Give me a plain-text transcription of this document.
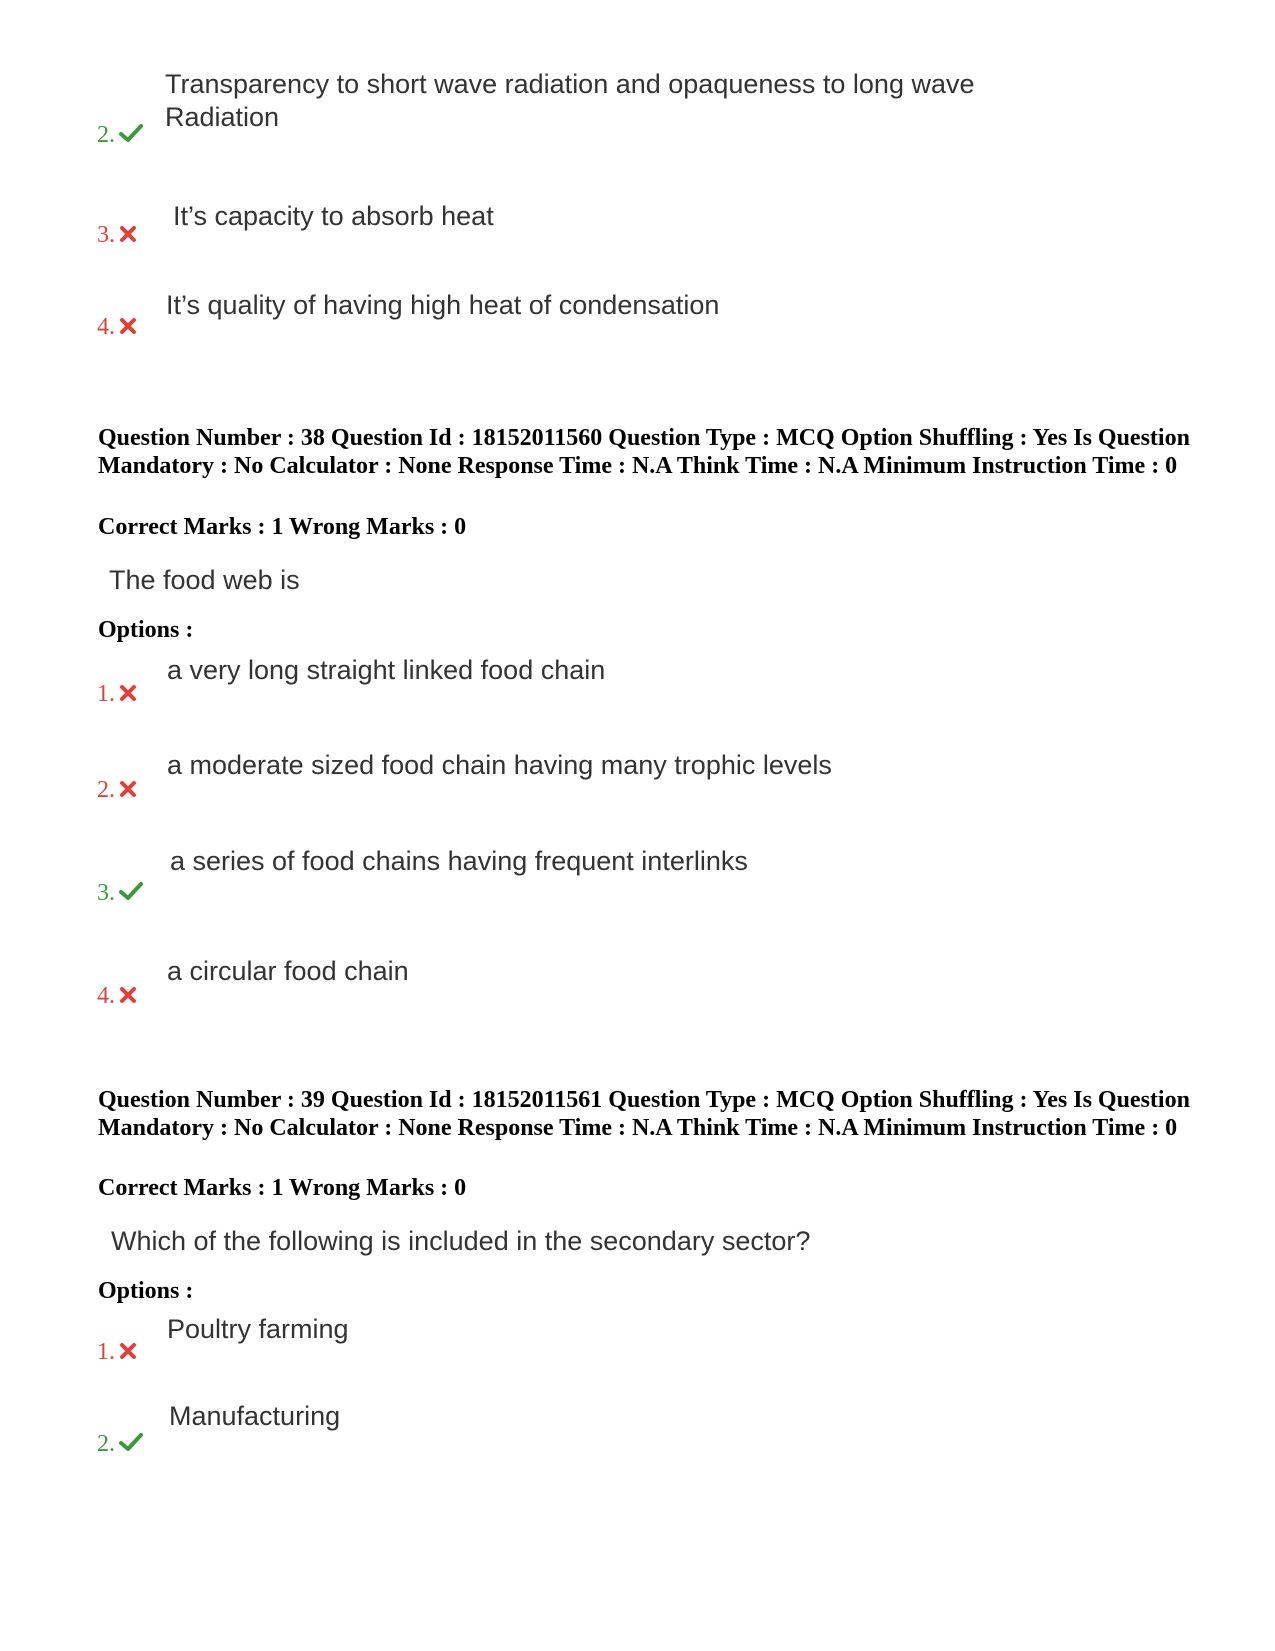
Transparency to short wave radiation and opaqueness to long wave
Radiation
2.
It’s capacity to absorb heat
3.
It’s quality of having high heat of condensation
4.
Question Number : 38 Question Id : 18152011560 Question Type : MCQ Option Shuffling : Yes Is Question Mandatory : No Calculator : None Response Time : N.A Think Time : N.A Minimum Instruction Time : 0
Correct Marks : 1 Wrong Marks : 0
The food web is
Options :
a very long straight linked food chain
1.
a moderate sized food chain having many trophic levels
2.
a series of food chains having frequent interlinks
3.
a circular food chain
4.
Question Number : 39 Question Id : 18152011561 Question Type : MCQ Option Shuffling : Yes Is Question Mandatory : No Calculator : None Response Time : N.A Think Time : N.A Minimum Instruction Time : 0
Correct Marks : 1 Wrong Marks : 0
Which of the following is included in the secondary sector?
Options :
Poultry farming
1.
Manufacturing
2.
